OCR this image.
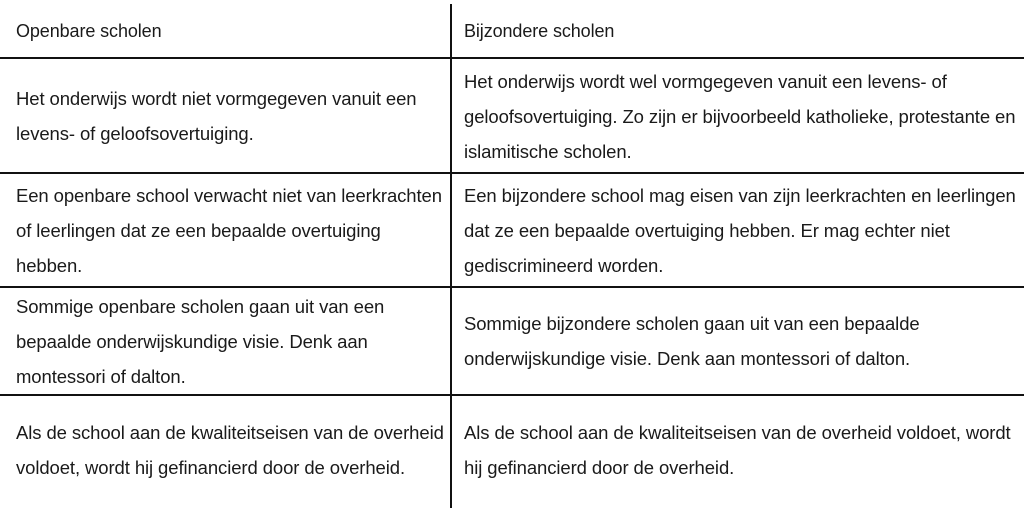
Openbare scholen	Bijzondere scholen
Het onderwijs wordt niet vormgegeven vanuit een levens- of geloofsovertuiging.
Het onderwijs wordt wel vormgegeven vanuit een levens- of geloofsovertuiging. Zo zijn er bijvoorbeeld katholieke, protestante en islamitische scholen.
Een openbare school verwacht niet van leerkrachten of leerlingen dat ze een bepaalde overtuiging hebben.
Een bijzondere school mag eisen van zijn leerkrachten en leerlingen dat ze een bepaalde overtuiging hebben. Er mag echter niet gediscrimineerd worden.
Sommige openbare scholen gaan uit van een bepaalde onderwijskundige visie. Denk aan montessori of dalton.
Sommige bijzondere scholen gaan uit van een bepaalde onderwijskundige visie. Denk aan montessori of dalton.
Als de school aan de kwaliteitseisen van de overheid voldoet, wordt hij gefinancierd door de overheid.
Als de school aan de kwaliteitseisen van de overheid voldoet, wordt hij gefinancierd door de overheid.
